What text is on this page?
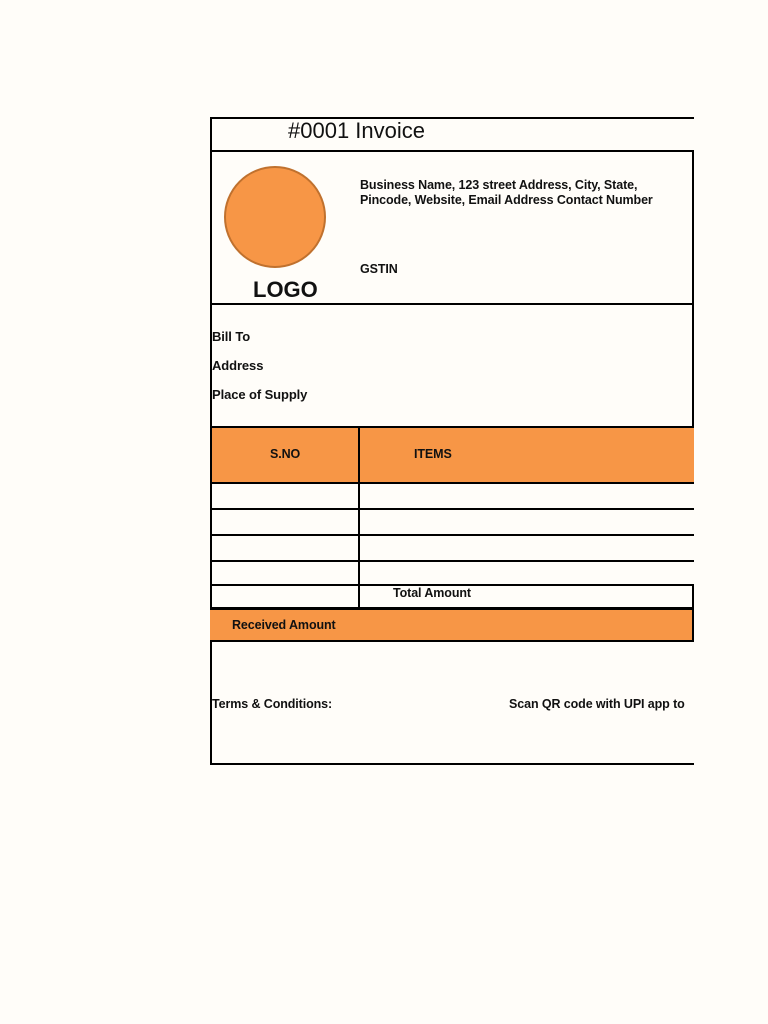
#0001 Invoice
LOGO
Business Name, 123 street Address, City, State,
Pincode, Website, Email Address Contact Number
GSTIN
Bill To
Address
Place of Supply
S.NO	ITEMS
Total Amount
Received Amount
Terms & Conditions:	Scan QR code with UPI app to
